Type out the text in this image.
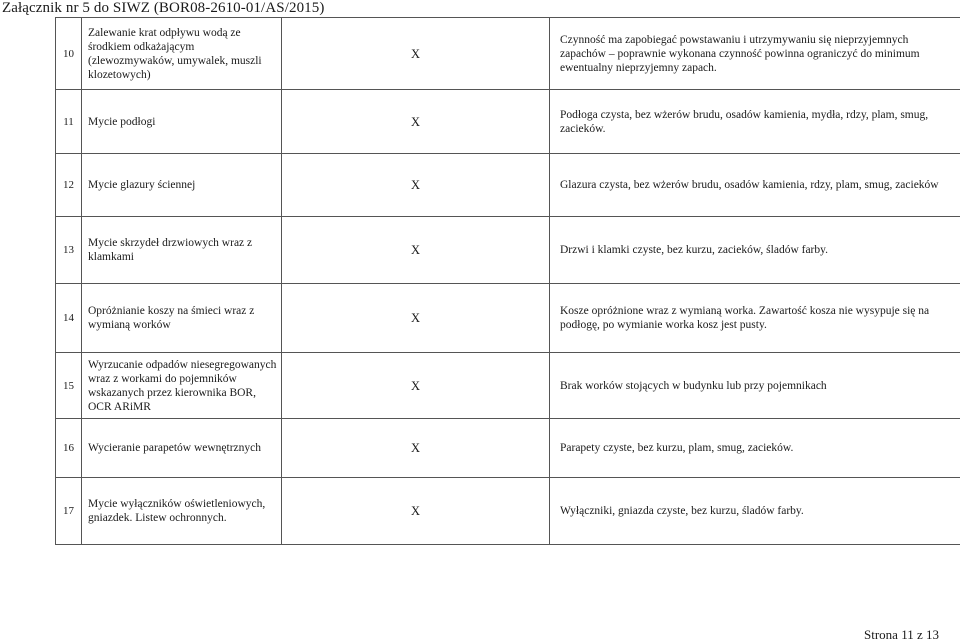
Załącznik nr 5 do SIWZ (BOR08-2610-01/AS/2015)
10	Zalewanie krat odpływu wodą ze środkiem odkażającym (zlewozmywaków, umywalek, muszli klozetowych)	X	Czynność ma zapobiegać powstawaniu i utrzymywaniu się nieprzyjemnych zapachów – poprawnie wykonana czynność powinna ograniczyć do minimum ewentualny nieprzyjemny zapach.
11	Mycie podłogi	X	Podłoga czysta, bez wżerów brudu, osadów kamienia, mydła, rdzy, plam, smug, zacieków.
12	Mycie glazury ściennej	X	Glazura czysta, bez wżerów brudu, osadów kamienia, rdzy, plam, smug, zacieków
13	Mycie skrzydeł drzwiowych wraz z klamkami	X	Drzwi i klamki czyste, bez kurzu, zacieków, śladów farby.
14	Opróżnianie koszy na śmieci wraz z wymianą worków	X	Kosze opróżnione wraz z wymianą worka. Zawartość kosza nie wysypuje się na podłogę, po wymianie worka kosz jest pusty.
15	Wyrzucanie odpadów niesegregowanych wraz z workami do pojemników wskazanych przez kierownika BOR, OCR ARiMR	X	Brak worków stojących w budynku lub przy pojemnikach
16	Wycieranie parapetów wewnętrznych	X	Parapety czyste, bez kurzu, plam, smug, zacieków.
17	Mycie wyłączników oświetleniowych, gniazdek. Listew ochronnych.	X	Wyłączniki, gniazda czyste, bez kurzu, śladów farby.
Strona 11 z 13
